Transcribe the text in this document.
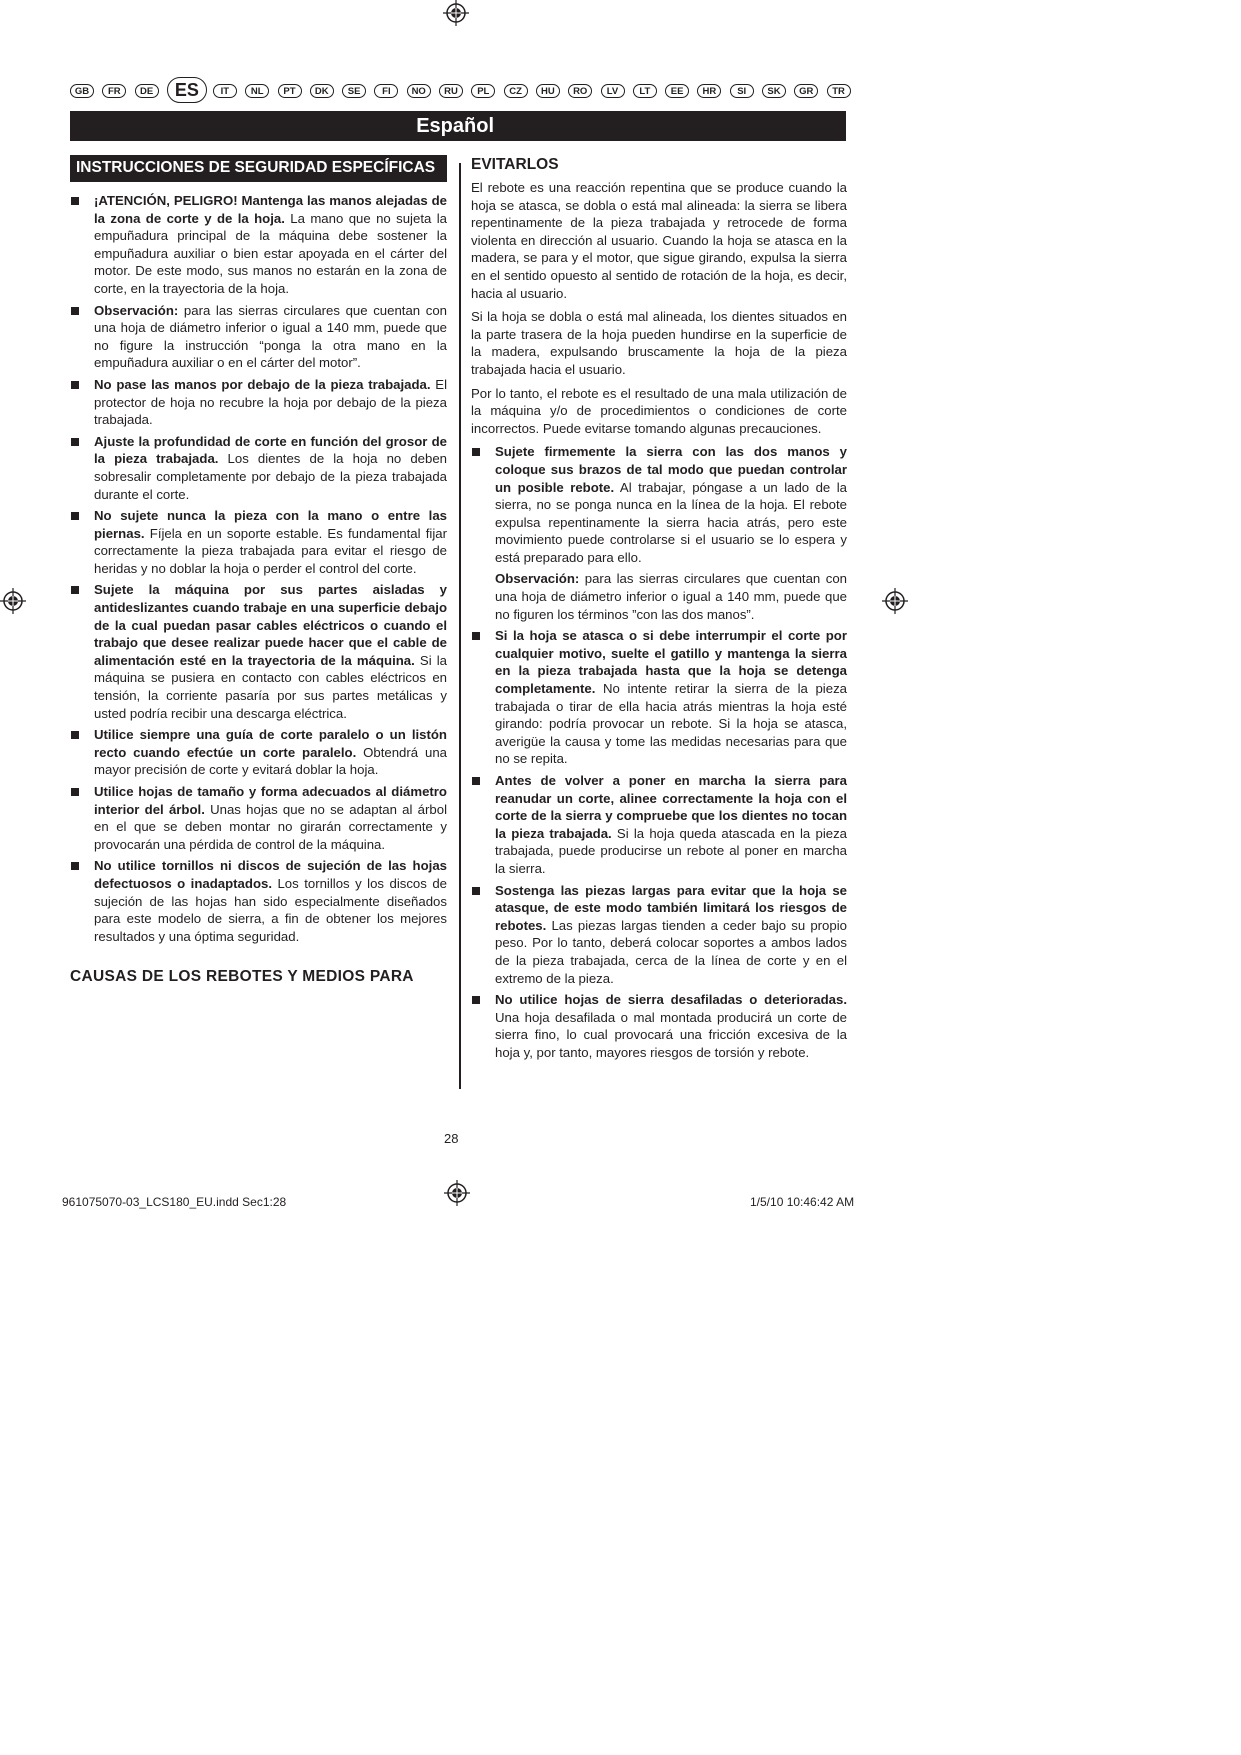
GB	FR	DE	ES	IT	NL	PT	DK	SE	FI	NO	RU	PL	CZ	HU	RO	LV	LT	EE	HR	SI	SK	GR	TR
Español
INSTRUCCIONES DE SEGURIDAD ESPECÍFICAS
¡ATENCIÓN, PELIGRO! Mantenga las manos alejadas de la zona de corte y de la hoja. La mano que no sujeta la empuñadura principal de la máquina debe sostener la empuñadura auxiliar o bien estar apoyada en el cárter del motor. De este modo, sus manos no estarán en la zona de corte, en la trayectoria de la hoja.
Observación: para las sierras circulares que cuentan con una hoja de diámetro inferior o igual a 140 mm, puede que no figure la instrucción “ponga la otra mano en la empuñadura auxiliar o en el cárter del motor”.
No pase las manos por debajo de la pieza trabajada. El protector de hoja no recubre la hoja por debajo de la pieza trabajada.
Ajuste la profundidad de corte en función del grosor de la pieza trabajada. Los dientes de la hoja no deben sobresalir completamente por debajo de la pieza trabajada durante el corte.
No sujete nunca la pieza con la mano o entre las piernas. Fíjela en un soporte estable. Es fundamental fijar correctamente la pieza trabajada para evitar el riesgo de heridas y no doblar la hoja o perder el control del corte.
Sujete la máquina por sus partes aisladas y antideslizantes cuando trabaje en una superficie debajo de la cual puedan pasar cables eléctricos o cuando el trabajo que desee realizar puede hacer que el cable de alimentación esté en la trayectoria de la máquina. Si la máquina se pusiera en contacto con cables eléctricos en tensión, la corriente pasaría por sus partes metálicas y usted podría recibir una descarga eléctrica.
Utilice siempre una guía de corte paralelo o un listón recto cuando efectúe un corte paralelo. Obtendrá una mayor precisión de corte y evitará doblar la hoja.
Utilice hojas de tamaño y forma adecuados al diámetro interior del árbol. Unas hojas que no se adaptan al árbol en el que se deben montar no girarán correctamente y provocarán una pérdida de control de la máquina.
No utilice tornillos ni discos de sujeción de las hojas defectuosos o inadaptados. Los tornillos y los discos de sujeción de las hojas han sido especialmente diseñados para este modelo de sierra, a fin de obtener los mejores resultados y una óptima seguridad.
CAUSAS DE LOS REBOTES Y MEDIOS PARA
EVITARLOS
El rebote es una reacción repentina que se produce cuando la hoja se atasca, se dobla o está mal alineada: la sierra se libera repentinamente de la pieza trabajada y retrocede de forma violenta en dirección al usuario. Cuando la hoja se atasca en la madera, se para y el motor, que sigue girando, expulsa la sierra en el sentido opuesto al sentido de rotación de la hoja, es decir, hacia al usuario.
Si la hoja se dobla o está mal alineada, los dientes situados en la parte trasera de la hoja pueden hundirse en la superficie de la madera, expulsando bruscamente la hoja de la pieza trabajada hacia el usuario.
Por lo tanto, el rebote es el resultado de una mala utilización de la máquina y/o de procedimientos o condiciones de corte incorrectos. Puede evitarse tomando algunas precauciones.
Sujete firmemente la sierra con las dos manos y coloque sus brazos de tal modo que puedan controlar un posible rebote. Al trabajar, póngase a un lado de la sierra, no se ponga nunca en la línea de la hoja. El rebote expulsa repentinamente la sierra hacia atrás, pero este movimiento puede controlarse si el usuario se lo espera y está preparado para ello.
Observación: para las sierras circulares que cuentan con una hoja de diámetro inferior o igual a 140 mm, puede que no figuren los términos ”con las dos manos”.
Si la hoja se atasca o si debe interrumpir el corte por cualquier motivo, suelte el gatillo y mantenga la sierra en la pieza trabajada hasta que la hoja se detenga completamente. No intente retirar la sierra de la pieza trabajada o tirar de ella hacia atrás mientras la hoja esté girando: podría provocar un rebote. Si la hoja se atasca, averigüe la causa y tome las medidas necesarias para que no se repita.
Antes de volver a poner en marcha la sierra para reanudar un corte, alinee correctamente la hoja con el corte de la sierra y compruebe que los dientes no tocan la pieza trabajada. Si la hoja queda atascada en la pieza trabajada, puede producirse un rebote al poner en marcha la sierra.
Sostenga las piezas largas para evitar que la hoja se atasque, de este modo también limitará los riesgos de rebotes. Las piezas largas tienden a ceder bajo su propio peso. Por lo tanto, deberá colocar soportes a ambos lados de la pieza trabajada, cerca de la línea de corte y en el extremo de la pieza.
No utilice hojas de sierra desafiladas o deterioradas. Una hoja desafilada o mal montada producirá un corte de sierra fino, lo cual provocará una fricción excesiva de la hoja y, por tanto, mayores riesgos de torsión y rebote.
28
961075070-03_LCS180_EU.indd Sec1:28	1/5/10 10:46:42 AM
